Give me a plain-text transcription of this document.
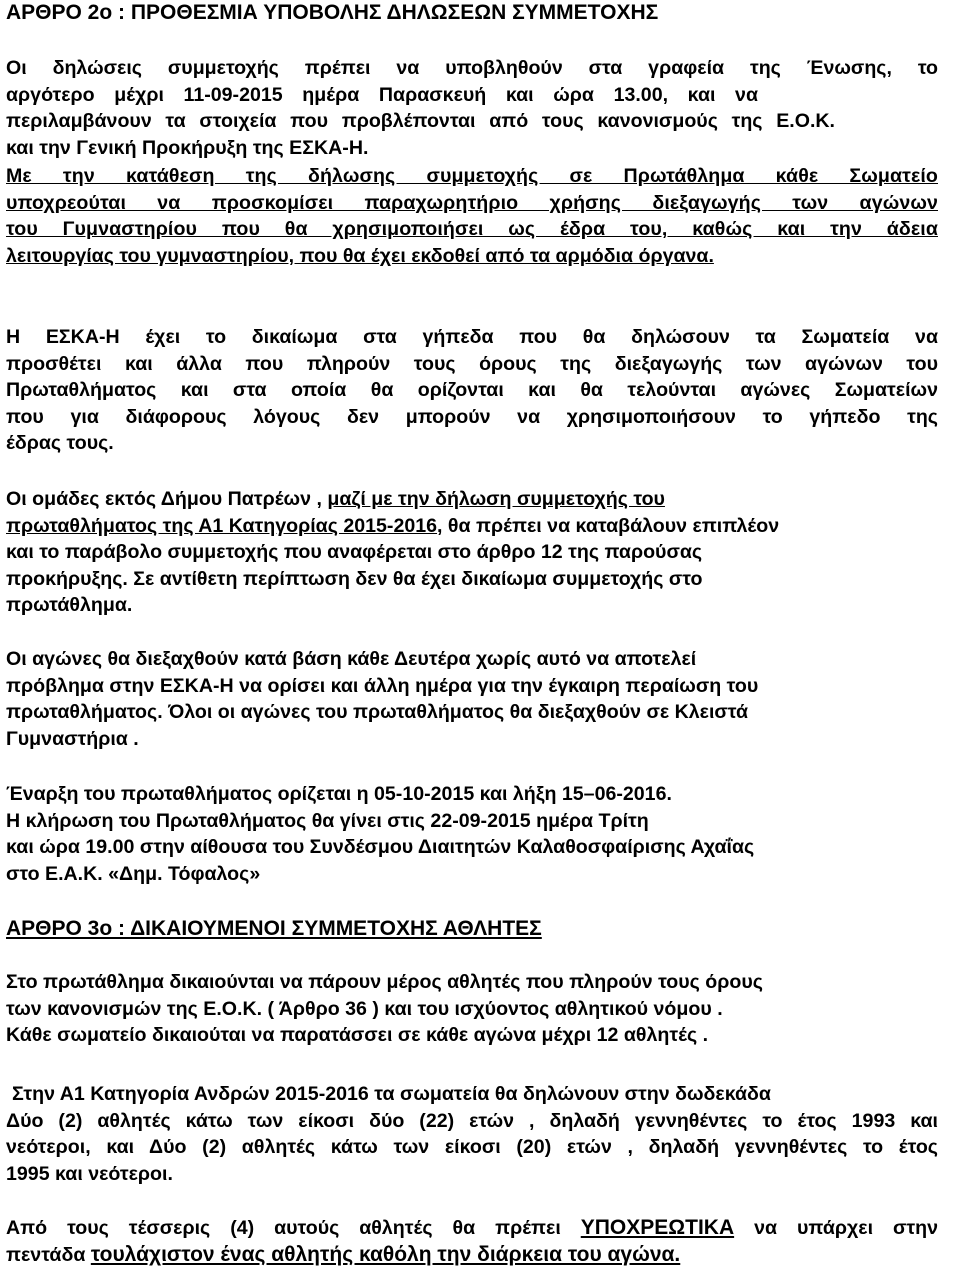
ΑΡΘΡΟ 2ο : ΠΡΟΘΕΣΜΙΑ ΥΠΟΒΟΛΗΣ ΔΗΛΩΣΕΩΝ ΣΥΜΜΕΤΟΧΗΣ
Οι δηλώσεις συμμετοχής πρέπει να υποβληθούν στα γραφεία της Ένωσης, το
αργότερο μέχρι 11-09-2015 ημέρα Παρασκευή και ώρα 13.00, και να
περιλαμβάνουν τα στοιχεία που προβλέπονται από τους κανονισμούς της Ε.Ο.Κ.
και την Γενική Προκήρυξη της ΕΣΚΑ-Η.
Με την κατάθεση της δήλωσης συμμετοχής σε Πρωτάθλημα κάθε Σωματείο
υποχρεούται να προσκομίσει παραχωρητήριο χρήσης διεξαγωγής των αγώνων
του Γυμναστηρίου που θα χρησιμοποιήσει ως έδρα του, καθώς και την άδεια
λειτουργίας του γυμναστηρίου, που θα έχει εκδοθεί από τα αρμόδια όργανα.
Η ΕΣΚΑ-Η έχει το δικαίωμα στα γήπεδα που θα δηλώσουν τα Σωματεία να
προσθέτει και άλλα που πληρούν τους όρους της διεξαγωγής των αγώνων του
Πρωταθλήματος και στα οποία θα ορίζονται και θα τελούνται αγώνες Σωματείων
που για διάφορους λόγους δεν μπορούν να χρησιμοποιήσουν το γήπεδο της
έδρας τους.
Οι ομάδες εκτός Δήμου Πατρέων , μαζί με την δήλωση συμμετοχής του
πρωταθλήματος της Α1 Κατηγορίας 2015-2016, θα πρέπει να καταβάλουν επιπλέον
και το παράβολο συμμετοχής που αναφέρεται στο άρθρο 12 της παρούσας
προκήρυξης. Σε αντίθετη περίπτωση δεν θα έχει δικαίωμα συμμετοχής στο
πρωτάθλημα.
Οι αγώνες θα διεξαχθούν κατά βάση κάθε Δευτέρα χωρίς αυτό να αποτελεί
πρόβλημα στην ΕΣΚΑ-Η να ορίσει και άλλη ημέρα για την έγκαιρη περαίωση του
πρωταθλήματος. Όλοι οι αγώνες του πρωταθλήματος θα διεξαχθούν σε Κλειστά
Γυμναστήρια .
Έναρξη του πρωταθλήματος ορίζεται η 05-10-2015 και λήξη 15–06-2016.
Η κλήρωση του Πρωταθλήματος θα γίνει στις 22-09-2015 ημέρα Τρίτη
και ώρα 19.00 στην αίθουσα του Συνδέσμου Διαιτητών Καλαθοσφαίρισης Αχαΐας
στο Ε.Α.Κ. «Δημ. Τόφαλος»
ΑΡΘΡΟ 3ο : ΔΙΚΑΙΟΥΜΕΝΟΙ ΣΥΜΜΕΤΟΧΗΣ ΑΘΛΗΤΕΣ
Στο πρωτάθλημα δικαιούνται να πάρουν μέρος αθλητές που πληρούν τους όρους
των κανονισμών της Ε.Ο.Κ. ( Άρθρο 36 ) και του ισχύοντος αθλητικού νόμου .
Κάθε σωματείο δικαιούται να παρατάσσει σε κάθε αγώνα μέχρι 12 αθλητές .
Στην Α1 Κατηγορία Ανδρών 2015-2016 τα σωματεία θα δηλώνουν στην δωδεκάδα
Δύο (2) αθλητές κάτω των είκοσι δύο (22) ετών , δηλαδή γεννηθέντες το έτος 1993 και
νεότεροι, και Δύο (2) αθλητές κάτω των είκοσι (20) ετών , δηλαδή γεννηθέντες το έτος
1995 και νεότεροι.
Από τους τέσσερις (4) αυτούς αθλητές θα πρέπει ΥΠΟΧΡΕΩΤΙΚΑ να υπάρχει στην
πεντάδα τουλάχιστον ένας αθλητής καθόλη την διάρκεια του αγώνα.
